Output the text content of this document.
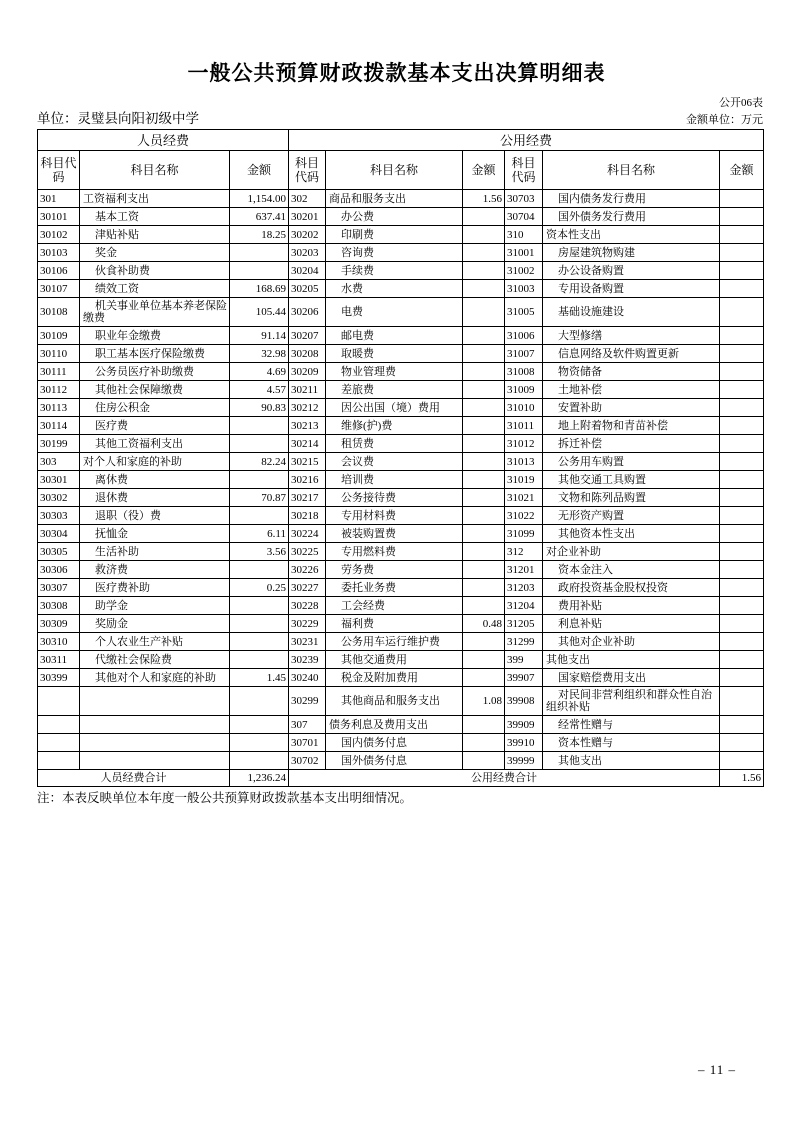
一般公共预算财政拨款基本支出决算明细表
公开06表
单位：灵璧县向阳初级中学	金额单位：万元
人员经费			公用经费					
科目代码	科目名称	金额	科目代码	科目名称	金额	科目代码	科目名称	金额
301	工资福利支出	1,154.00	302	商品和服务支出	1.56	30703	国内债务发行费用	
30101	基本工资	637.41	30201	办公费		30704	国外债务发行费用	
30102	津贴补贴	18.25	30202	印刷费		310	资本性支出	
30103	奖金		30203	咨询费		31001	房屋建筑物购建	
30106	伙食补助费		30204	手续费		31002	办公设备购置	
30107	绩效工资	168.69	30205	水费		31003	专用设备购置	
30108	机关事业单位基本养老保险缴费	105.44	30206	电费		31005	基础设施建设	
30109	职业年金缴费	91.14	30207	邮电费		31006	大型修缮	
30110	职工基本医疗保险缴费	32.98	30208	取暖费		31007	信息网络及软件购置更新	
30111	公务员医疗补助缴费	4.69	30209	物业管理费		31008	物资储备	
30112	其他社会保障缴费	4.57	30211	差旅费		31009	土地补偿	
30113	住房公积金	90.83	30212	因公出国（境）费用		31010	安置补助	
30114	医疗费		30213	维修(护)费		31011	地上附着物和青苗补偿	
30199	其他工资福利支出		30214	租赁费		31012	拆迁补偿	
303	对个人和家庭的补助	82.24	30215	会议费		31013	公务用车购置	
30301	离休费		30216	培训费		31019	其他交通工具购置	
30302	退休费	70.87	30217	公务接待费		31021	文物和陈列品购置	
30303	退职（役）费		30218	专用材料费		31022	无形资产购置	
30304	抚恤金	6.11	30224	被装购置费		31099	其他资本性支出	
30305	生活补助	3.56	30225	专用燃料费		312	对企业补助	
30306	救济费		30226	劳务费		31201	资本金注入	
30307	医疗费补助	0.25	30227	委托业务费		31203	政府投资基金股权投资	
30308	助学金		30228	工会经费		31204	费用补贴	
30309	奖励金		30229	福利费	0.48	31205	利息补贴	
30310	个人农业生产补贴		30231	公务用车运行维护费		31299	其他对企业补助	
30311	代缴社会保险费		30239	其他交通费用		399	其他支出	
30399	其他对个人和家庭的补助	1.45	30240	税金及附加费用		39907	国家赔偿费用支出	
			30299	其他商品和服务支出	1.08	39908	对民间非营利组织和群众性自治组织补贴	
			307	债务利息及费用支出		39909	经常性赠与	
			30701	国内债务付息		39910	资本性赠与	
			30702	国外债务付息		39999	其他支出	
人员经费合计		1,236.24	公用经费合计					1.56
注：本表反映单位本年度一般公共预算财政拨款基本支出明细情况。
– 11 –
